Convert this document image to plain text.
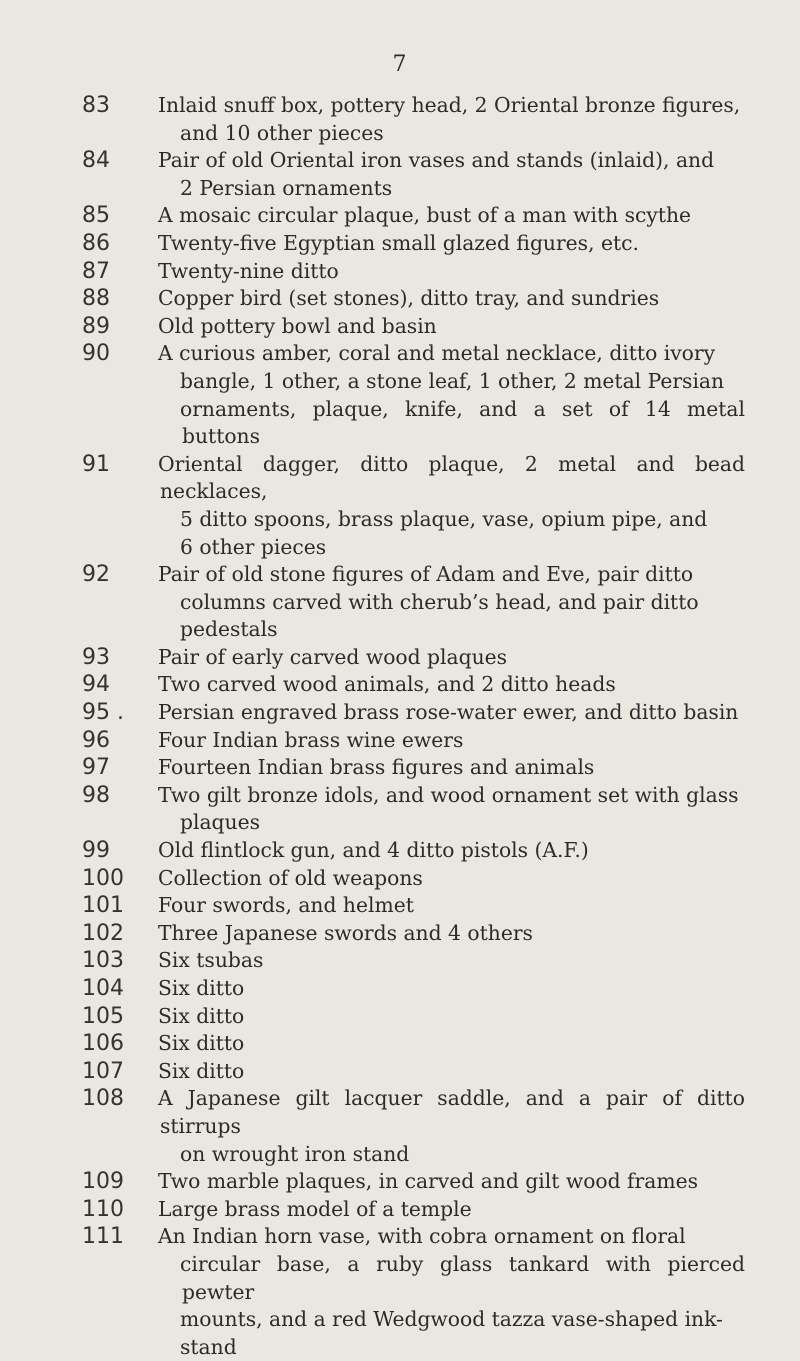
7
83 Inlaid snuff box, pottery head, 2 Oriental bronze figures,
and 10 other pieces
84 Pair of old Oriental iron vases and stands (inlaid), and
2 Persian ornaments
85 A mosaic circular plaque, bust of a man with scythe
86 Twenty-five Egyptian small glazed figures, etc.
87 Twenty-nine ditto
88 Copper bird (set stones), ditto tray, and sundries
89 Old pottery bowl and basin
90 A curious amber, coral and metal necklace, ditto ivory
bangle, 1 other, a stone leaf, 1 other, 2 metal Persian
ornaments, plaque, knife, and a set of 14 metal buttons
91 Oriental dagger, ditto plaque, 2 metal and bead necklaces,
5 ditto spoons, brass plaque, vase, opium pipe, and
6 other pieces
92 Pair of old stone figures of Adam and Eve, pair ditto
columns carved with cherub’s head, and pair ditto
pedestals
93 Pair of early carved wood plaques
94 Two carved wood animals, and 2 ditto heads
95 . Persian engraved brass rose-water ewer, and ditto basin
96 Four Indian brass wine ewers
97 Fourteen Indian brass figures and animals
98 Two gilt bronze idols, and wood ornament set with glass
plaques
99 Old flintlock gun, and 4 ditto pistols (A.F.)
100 Collection of old weapons
101 Four swords, and helmet
102 Three Japanese swords and 4 others
103 Six tsubas
104 Six ditto
105 Six ditto
106 Six ditto
107 Six ditto
108 A Japanese gilt lacquer saddle, and a pair of ditto stirrups
on wrought iron stand
109 Two marble plaques, in carved and gilt wood frames
110 Large brass model of a temple
111 An Indian horn vase, with cobra ornament on floral
circular base, a ruby glass tankard with pierced pewter
mounts, and a red Wedgwood tazza vase-shaped ink-
stand
